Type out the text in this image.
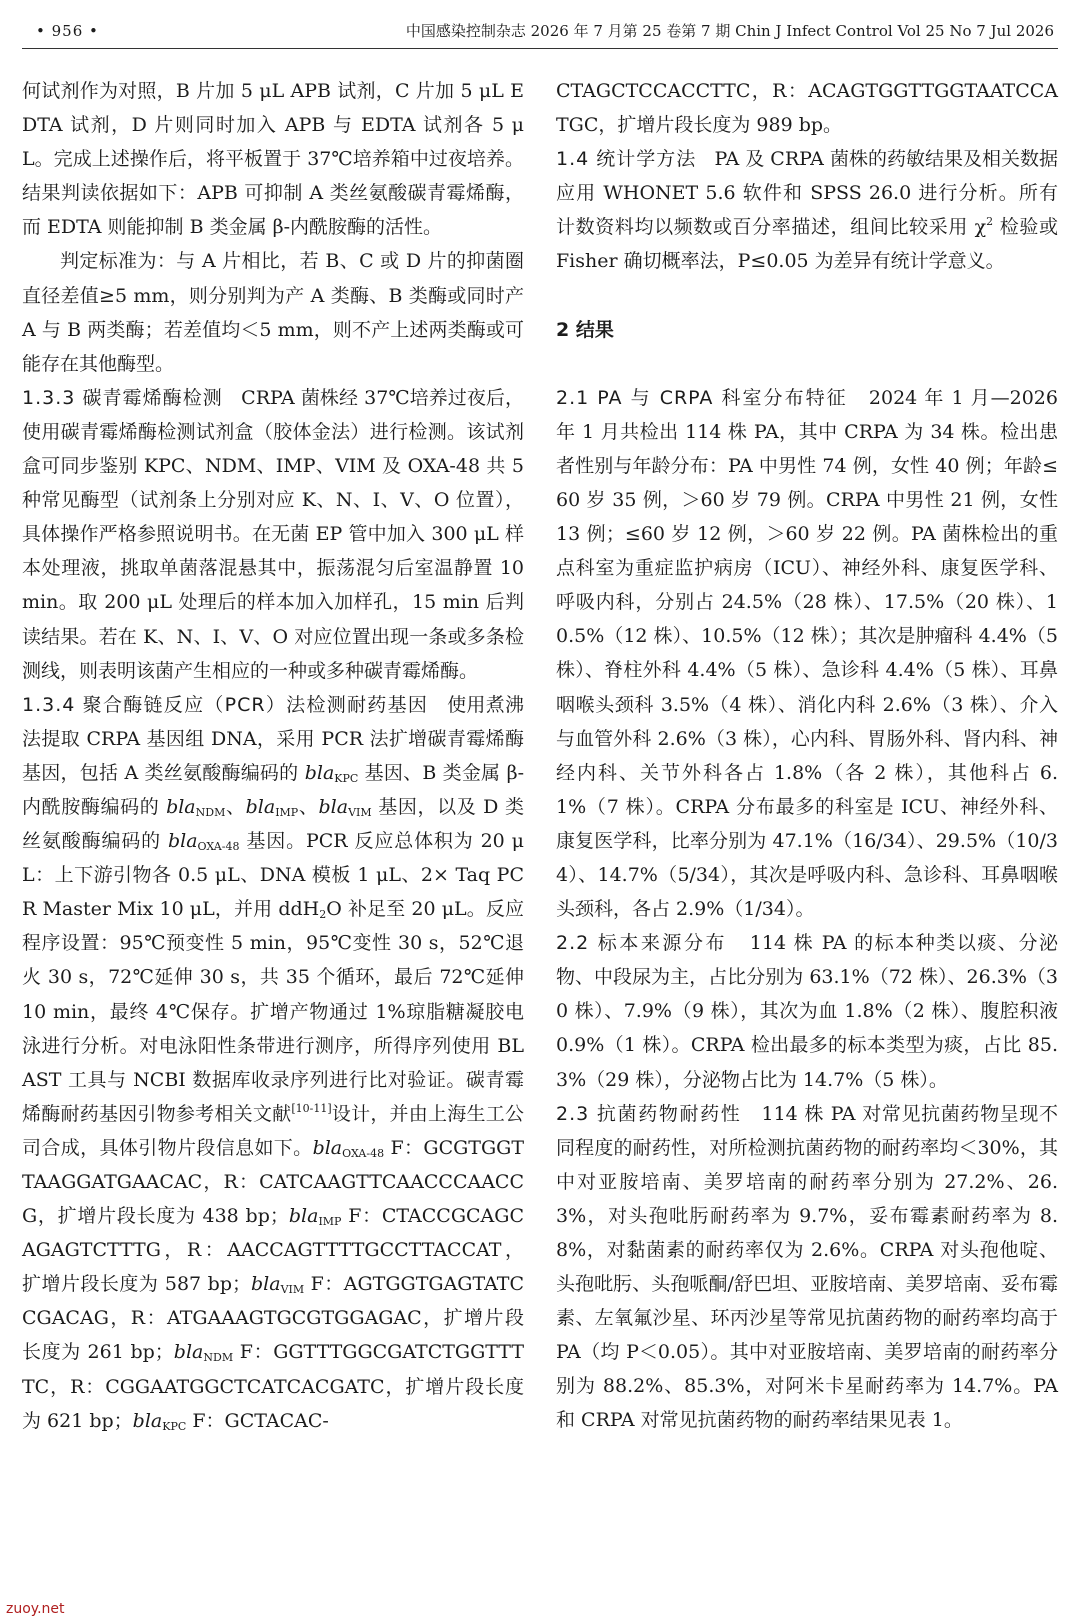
• 956 •	中国感染控制杂志 2026 年 7 月第 25 卷第 7 期 Chin J Infect Control Vol 25 No 7 Jul 2026

何试剂作为对照，B 片加 5 μL APB 试剂，C 片加 5 μL EDTA 试剂，D 片则同时加入 APB 与 EDTA 试剂各 5 μL。完成上述操作后，将平板置于 37℃培养箱中过夜培养。结果判读依据如下：APB 可抑制 A 类丝氨酸碳青霉烯酶，而 EDTA 则能抑制 B 类金属 β-内酰胺酶的活性。

判定标准为：与 A 片相比，若 B、C 或 D 片的抑菌圈直径差值≥5 mm，则分别判为产 A 类酶、B 类酶或同时产 A 与 B 两类酶；若差值均＜5 mm，则不产上述两类酶或可能存在其他酶型。

1.3.3 碳青霉烯酶检测 CRPA 菌株经 37℃培养过夜后，使用碳青霉烯酶检测试剂盒（胶体金法）进行检测。该试剂盒可同步鉴别 KPC、NDM、IMP、VIM 及 OXA-48 共 5 种常见酶型（试剂条上分别对应 K、N、I、V、O 位置），具体操作严格参照说明书。在无菌 EP 管中加入 300 μL 样本处理液，挑取单菌落混悬其中，振荡混匀后室温静置 10 min。取 200 μL 处理后的样本加入加样孔，15 min 后判读结果。若在 K、N、I、V、O 对应位置出现一条或多条检测线，则表明该菌产生相应的一种或多种碳青霉烯酶。

1.3.4 聚合酶链反应（PCR）法检测耐药基因 使用煮沸法提取 CRPA 基因组 DNA，采用 PCR 法扩增碳青霉烯酶基因，包括 A 类丝氨酸酶编码的 bla$_{KPC}$ 基因、B 类金属 β-内酰胺酶编码的 bla$_{NDM}$、bla$_{IMP}$、bla$_{VIM}$ 基因，以及 D 类丝氨酸酶编码的 bla$_{OXA-48}$ 基因。PCR 反应总体积为 20 μL：上下游引物各 0.5 μL、DNA 模板 1 μL、2× Taq PCR Master Mix 10 μL，并用 ddH$_2$O 补足至 20 μL。反应程序设置：95℃预变性 5 min，95℃变性 30 s，52℃退火 30 s，72℃延伸 30 s，共 35 个循环，最后 72℃延伸 10 min，最终 4℃保存。扩增产物通过 1%琼脂糖凝胶电泳进行分析。对电泳阳性条带进行测序，所得序列使用 BLAST 工具与 NCBI 数据库收录序列进行比对验证。碳青霉烯酶耐药基因引物参考相关文献[10-11]设计，并由上海生工公司合成，具体引物片段信息如下。bla$_{OXA-48}$ F：GCGTGGTTAAGGATGAACAC，R：CATCAAGTTCAACCCAACCG，扩增片段长度为 438 bp；bla$_{IMP}$ F：CTACCGCAGCAGAGTCTTTG，R：AACCAGTTTTGCCTTACCAT，扩增片段长度为 587 bp；bla$_{VIM}$ F：AGTGGTGAGTATCCGACAG，R：ATGAAAGTGCGTGGAGAC，扩增片段长度为 261 bp；bla$_{NDM}$ F：GGTTTGGCGATCTGGTTTTC，R：CGGAATGGCTCATCACGATC，扩增片段长度为 621 bp；bla$_{KPC}$ F：GCTACAC-

CTAGCTCCACCTTC，R：ACAGTGGTTGGTAATCCATGC，扩增片段长度为 989 bp。

1.4 统计学方法 PA 及 CRPA 菌株的药敏结果及相关数据应用 WHONET 5.6 软件和 SPSS 26.0 进行分析。所有计数资料均以频数或百分率描述，组间比较采用 $\chi^2$ 检验或 Fisher 确切概率法，P≤0.05 为差异有统计学意义。

2 结果

2.1 PA 与 CRPA 科室分布特征 2024 年 1 月—2026 年 1 月共检出 114 株 PA，其中 CRPA 为 34 株。检出患者性别与年龄分布：PA 中男性 74 例，女性 40 例；年龄≤60 岁 35 例，＞60 岁 79 例。CRPA 中男性 21 例，女性 13 例；≤60 岁 12 例，＞60 岁 22 例。PA 菌株检出的重点科室为重症监护病房（ICU）、神经外科、康复医学科、呼吸内科，分别占 24.5%（28 株）、17.5%（20 株）、10.5%（12 株）、10.5%（12 株）；其次是肿瘤科 4.4%（5 株）、脊柱外科 4.4%（5 株）、急诊科 4.4%（5 株）、耳鼻咽喉头颈科 3.5%（4 株）、消化内科 2.6%（3 株）、介入与血管外科 2.6%（3 株），心内科、胃肠外科、肾内科、神经内科、关节外科各占 1.8%（各 2 株），其他科占 6.1%（7 株）。CRPA 分布最多的科室是 ICU、神经外科、康复医学科，比率分别为 47.1%（16/34）、29.5%（10/34）、14.7%（5/34），其次是呼吸内科、急诊科、耳鼻咽喉头颈科，各占 2.9%（1/34）。

2.2 标本来源分布 114 株 PA 的标本种类以痰、分泌物、中段尿为主，占比分别为 63.1%（72 株）、26.3%（30 株）、7.9%（9 株），其次为血 1.8%（2 株）、腹腔积液 0.9%（1 株）。CRPA 检出最多的标本类型为痰，占比 85.3%（29 株），分泌物占比为 14.7%（5 株）。

2.3 抗菌药物耐药性 114 株 PA 对常见抗菌药物呈现不同程度的耐药性，对所检测抗菌药物的耐药率均＜30%，其中对亚胺培南、美罗培南的耐药率分别为 27.2%、26.3%，对头孢吡肟耐药率为 9.7%，妥布霉素耐药率为 8.8%，对黏菌素的耐药率仅为 2.6%。CRPA 对头孢他啶、头孢吡肟、头孢哌酮/舒巴坦、亚胺培南、美罗培南、妥布霉素、左氧氟沙星、环丙沙星等常见抗菌药物的耐药率均高于 PA（均 P＜0.05）。其中对亚胺培南、美罗培南的耐药率分别为 88.2%、85.3%，对阿米卡星耐药率为 14.7%。PA 和 CRPA 对常见抗菌药物的耐药率结果见表 1。

zuoy.net
